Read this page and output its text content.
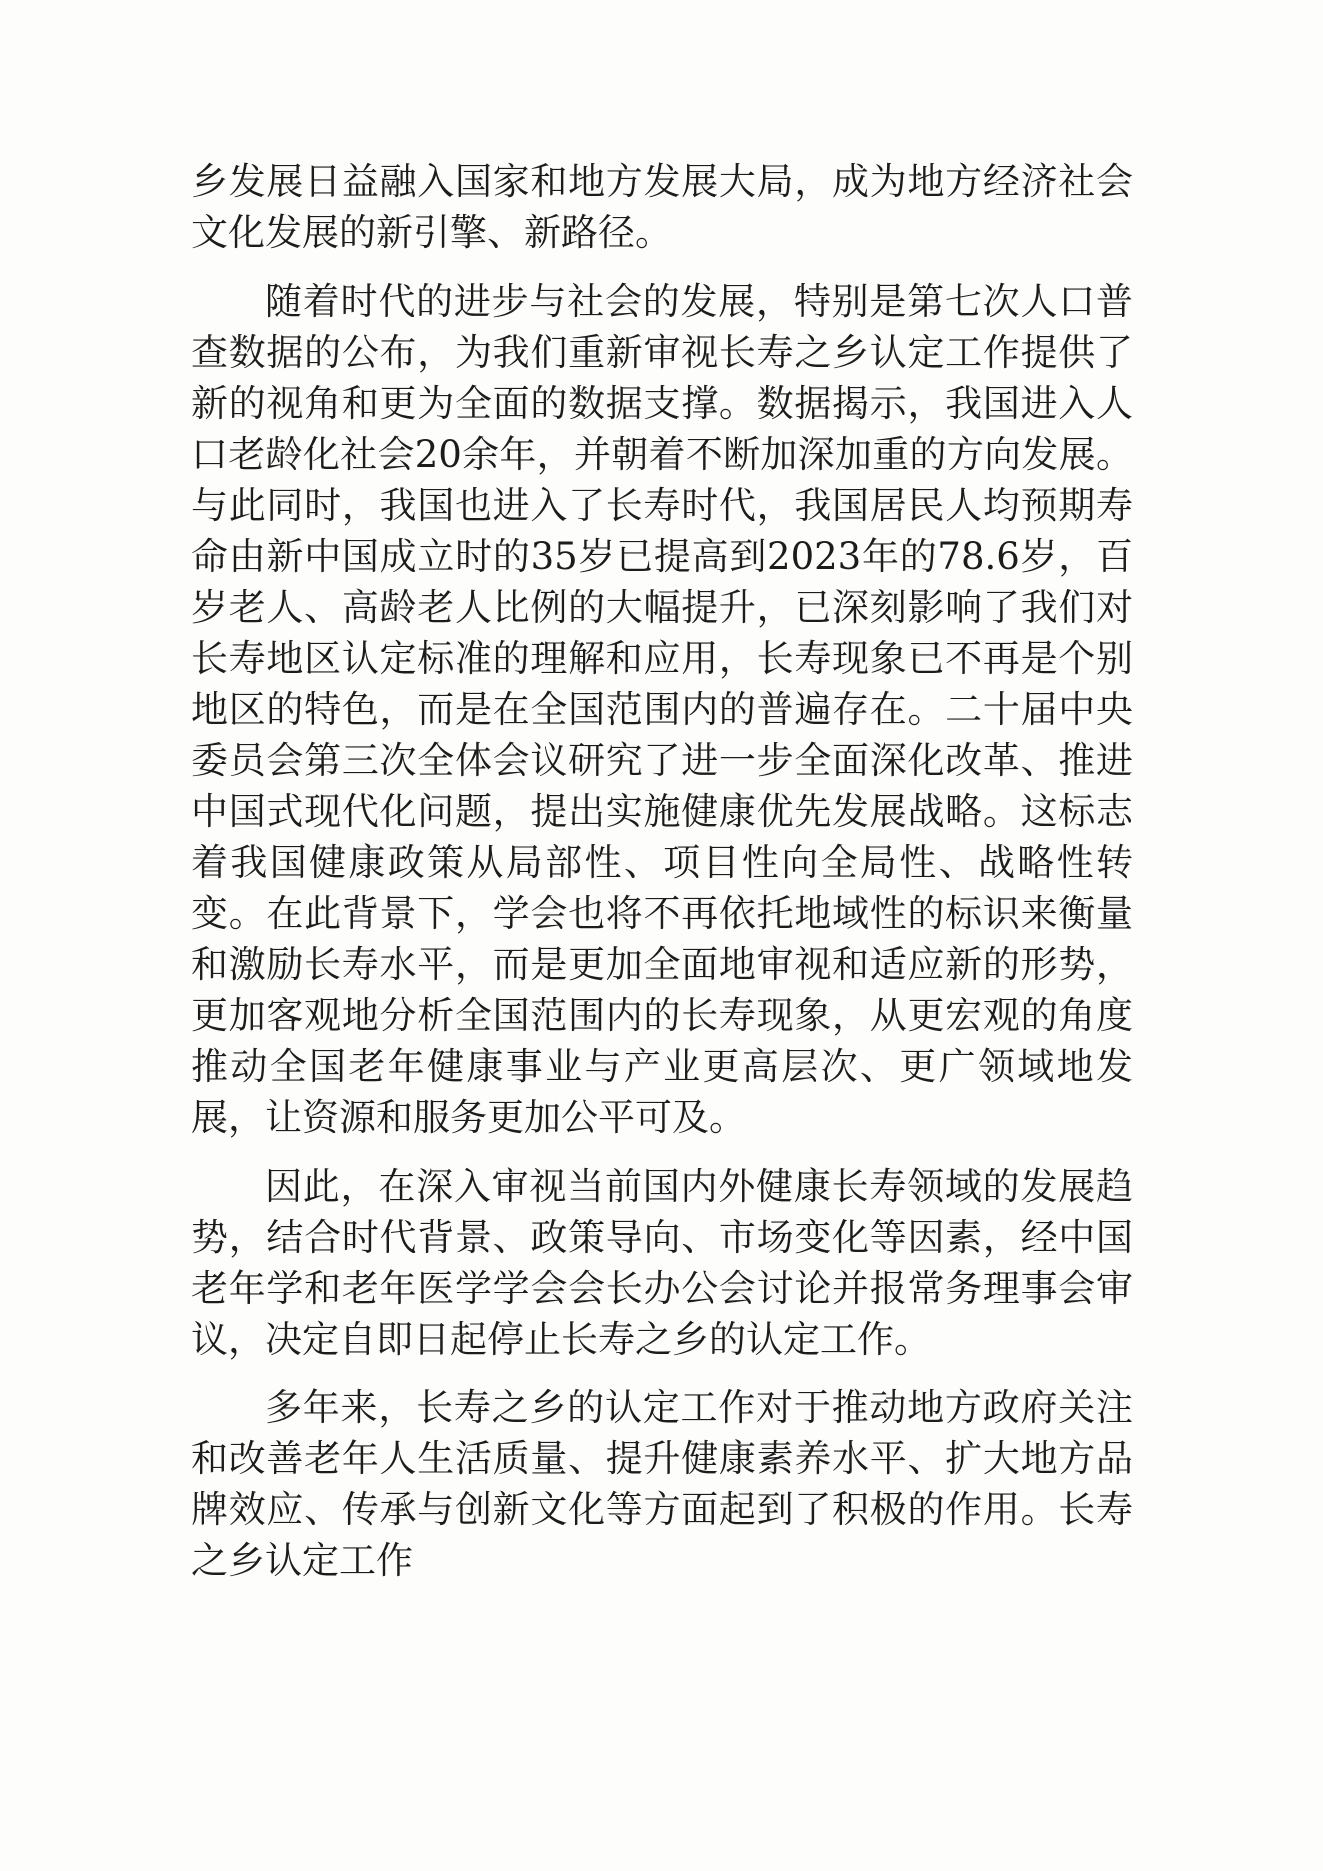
乡发展日益融入国家和地方发展大局，成为地方经济社会文化发展的新引擎、新路径。

随着时代的进步与社会的发展，特别是第七次人口普查数据的公布，为我们重新审视长寿之乡认定工作提供了新的视角和更为全面的数据支撑。数据揭示，我国进入人口老龄化社会20余年，并朝着不断加深加重的方向发展。与此同时，我国也进入了长寿时代，我国居民人均预期寿命由新中国成立时的35岁已提高到2023年的78.6岁，百岁老人、高龄老人比例的大幅提升，已深刻影响了我们对长寿地区认定标准的理解和应用，长寿现象已不再是个别地区的特色，而是在全国范围内的普遍存在。二十届中央委员会第三次全体会议研究了进一步全面深化改革、推进中国式现代化问题，提出实施健康优先发展战略。这标志着我国健康政策从局部性、项目性向全局性、战略性转变。在此背景下，学会也将不再依托地域性的标识来衡量和激励长寿水平，而是更加全面地审视和适应新的形势，更加客观地分析全国范围内的长寿现象，从更宏观的角度推动全国老年健康事业与产业更高层次、更广领域地发展，让资源和服务更加公平可及。

因此，在深入审视当前国内外健康长寿领域的发展趋势，结合时代背景、政策导向、市场变化等因素，经中国老年学和老年医学学会会长办公会讨论并报常务理事会审议，决定自即日起停止长寿之乡的认定工作。

多年来，长寿之乡的认定工作对于推动地方政府关注和改善老年人生活质量、提升健康素养水平、扩大地方品牌效应、传承与创新文化等方面起到了积极的作用。长寿之乡认定工作
